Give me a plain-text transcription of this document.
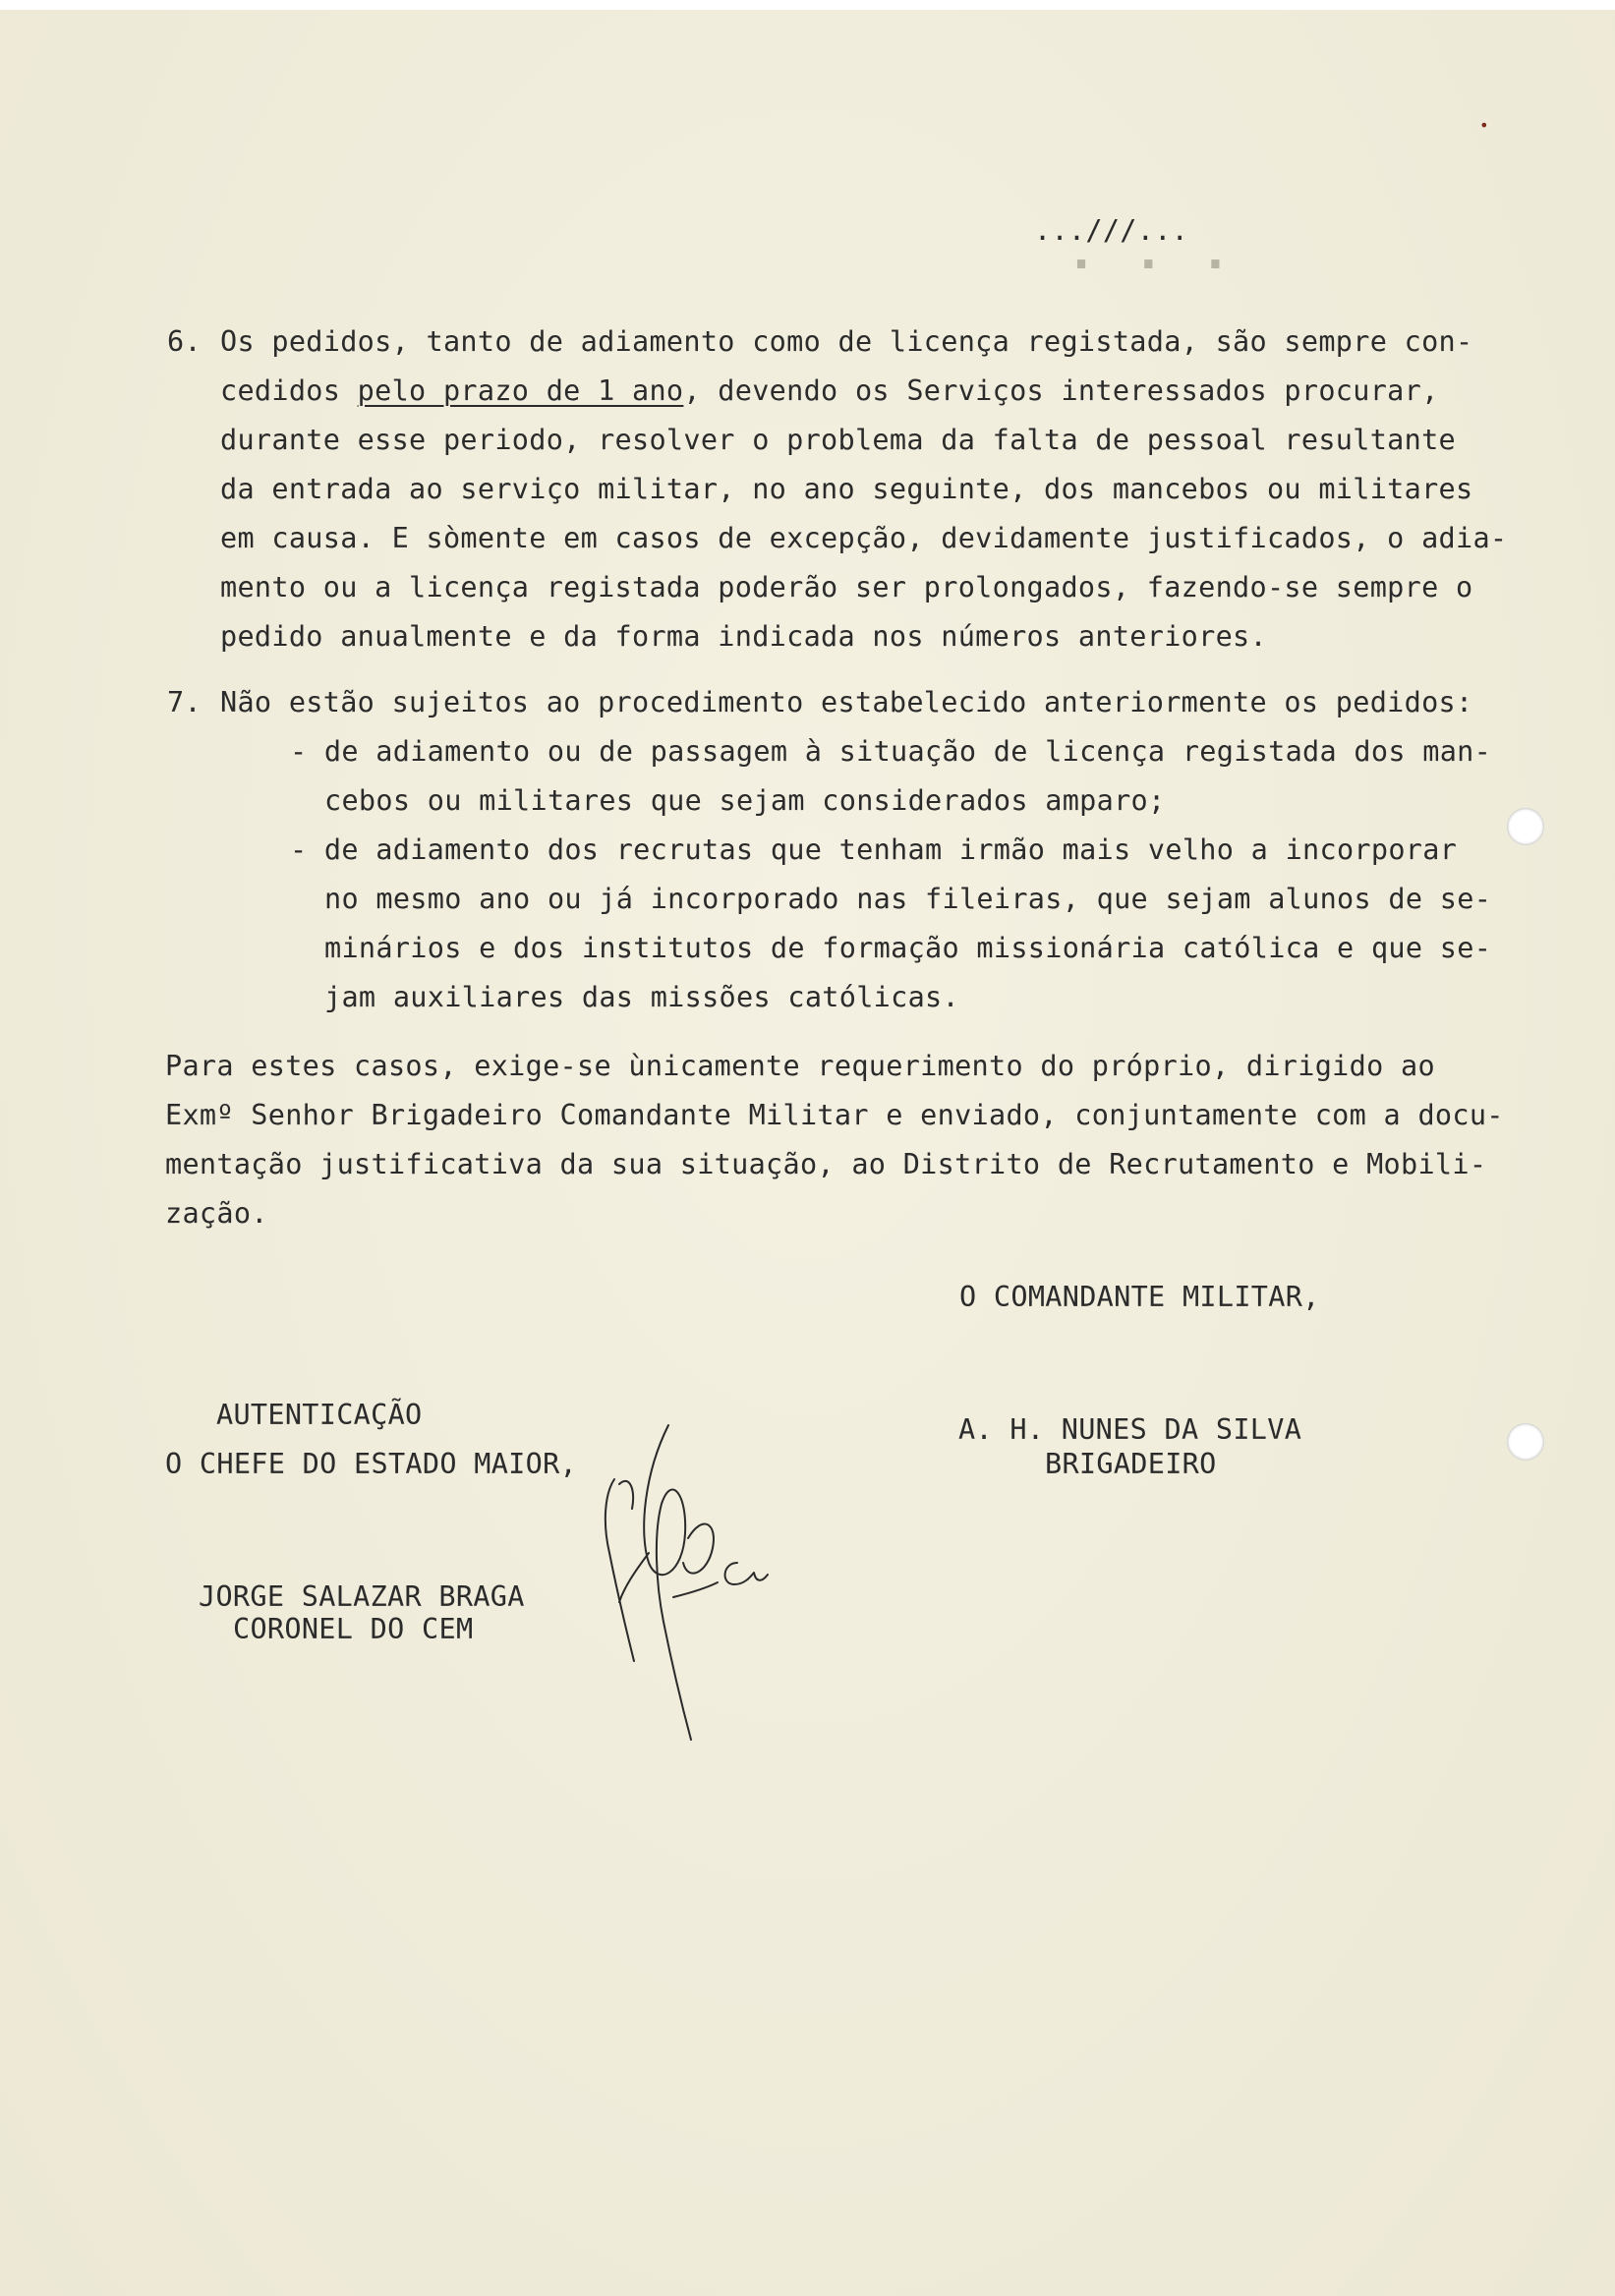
· · ·
•
...///...
6. Os pedidos, tanto de adiamento como de licença registada, são sempre con-
cedidos pelo prazo de 1 ano, devendo os Serviços interessados procurar,
durante esse periodo, resolver o problema da falta de pessoal resultante
da entrada ao serviço militar, no ano seguinte, dos mancebos ou militares
em causa. E sòmente em casos de excepção, devidamente justificados, o adia-
mento ou a licença registada poderão ser prolongados, fazendo-se sempre o
pedido anualmente e da forma indicada nos números anteriores.
7. Não estão sujeitos ao procedimento estabelecido anteriormente os pedidos:
- de adiamento ou de passagem à situação de licença registada dos man-
cebos ou militares que sejam considerados amparo;
- de adiamento dos recrutas que tenham irmão mais velho a incorporar
no mesmo ano ou já incorporado nas fileiras, que sejam alunos de se-
minários e dos institutos de formação missionária católica e que se-
jam auxiliares das missões católicas.
Para estes casos, exige-se ùnicamente requerimento do próprio, dirigido ao
Exmº Senhor Brigadeiro Comandante Militar e enviado, conjuntamente com a docu-
mentação justificativa da sua situação, ao Distrito de Recrutamento e Mobili-
zação.
O COMANDANTE MILITAR,
A. H. NUNES DA SILVA
BRIGADEIRO
AUTENTICAÇÃO
O CHEFE DO ESTADO MAIOR,
JORGE SALAZAR BRAGA
CORONEL DO CEM
